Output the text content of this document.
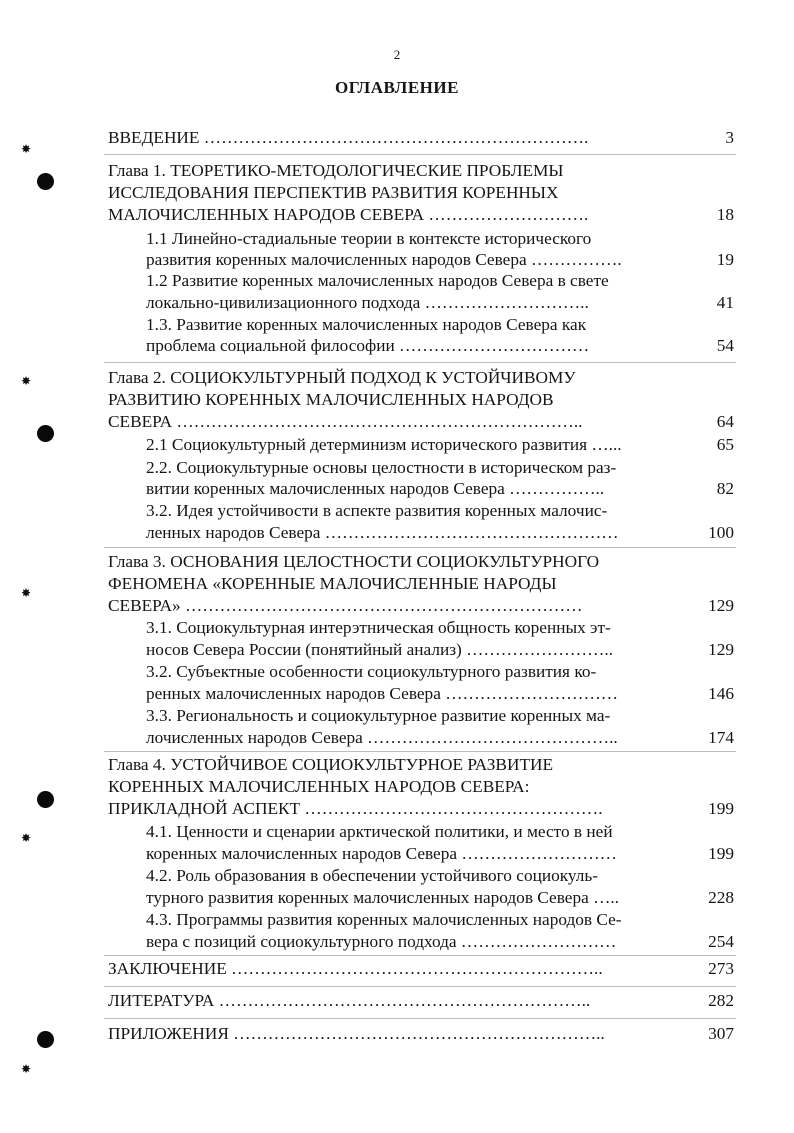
2
ОГЛАВЛЕНИЕ
✸
✸
✸
✸
✸
ВВЕДЕНИЕ ………………………………………………………….	3
Глава 1. ТЕОРЕТИКО-МЕТОДОЛОГИЧЕСКИЕ ПРОБЛЕМЫ
ИССЛЕДОВАНИЯ ПЕРСПЕКТИВ РАЗВИТИЯ КОРЕННЫХ
МАЛОЧИСЛЕННЫХ НАРОДОВ СЕВЕРА ……………………….	18
1.1 Линейно-стадиальные теории в контексте исторического
развития коренных малочисленных народов Севера …………….	19
1.2 Развитие коренных малочисленных народов Севера в свете
локально-цивилизационного подхода ………………………..	41
1.3. Развитие коренных малочисленных народов Севера как
проблема социальной философии ……………………………	54
Глава 2. СОЦИОКУЛЬТУРНЫЙ ПОДХОД К УСТОЙЧИВОМУ
РАЗВИТИЮ КОРЕННЫХ МАЛОЧИСЛЕННЫХ НАРОДОВ
СЕВЕРА ……………………………………………………………..	64
2.1 Социокультурный детерминизм исторического развития …...	65
2.2. Социокультурные основы целостности в историческом раз-
витии коренных малочисленных народов Севера ……………..	82
3.2. Идея устойчивости в аспекте развития коренных малочис-
ленных народов Севера ……………………………………………	100
Глава 3. ОСНОВАНИЯ ЦЕЛОСТНОСТИ СОЦИОКУЛЬТУРНОГО
ФЕНОМЕНА «КОРЕННЫЕ МАЛОЧИСЛЕННЫЕ НАРОДЫ
СЕВЕРА» ……………………………………………………………	129
3.1. Социокультурная интерэтническая общность коренных эт-
носов Севера России (понятийный анализ) ……………………..	129
3.2. Субъектные особенности социокультурного развития ко-
ренных малочисленных народов Севера …………………………	146
3.3. Региональность и социокультурное развитие коренных ма-
лочисленных народов Севера ……………………………………..	174
Глава 4. УСТОЙЧИВОЕ СОЦИОКУЛЬТУРНОЕ РАЗВИТИЕ
КОРЕННЫХ МАЛОЧИСЛЕННЫХ НАРОДОВ СЕВЕРА:
ПРИКЛАДНОЙ АСПЕКТ …………………………………………….	199
4.1. Ценности и сценарии арктической политики, и место в ней
коренных малочисленных народов Севера ………………………	199
4.2. Роль образования в обеспечении устойчивого социокуль-
турного развития коренных малочисленных народов Севера …..	228
4.3. Программы развития коренных малочисленных народов Се-
вера с позиций социокультурного подхода ………………………	254
ЗАКЛЮЧЕНИЕ ………………………………………………………..	273
ЛИТЕРАТУРА ………………………………………………………..	282
ПРИЛОЖЕНИЯ ………………………………………………………..	307
